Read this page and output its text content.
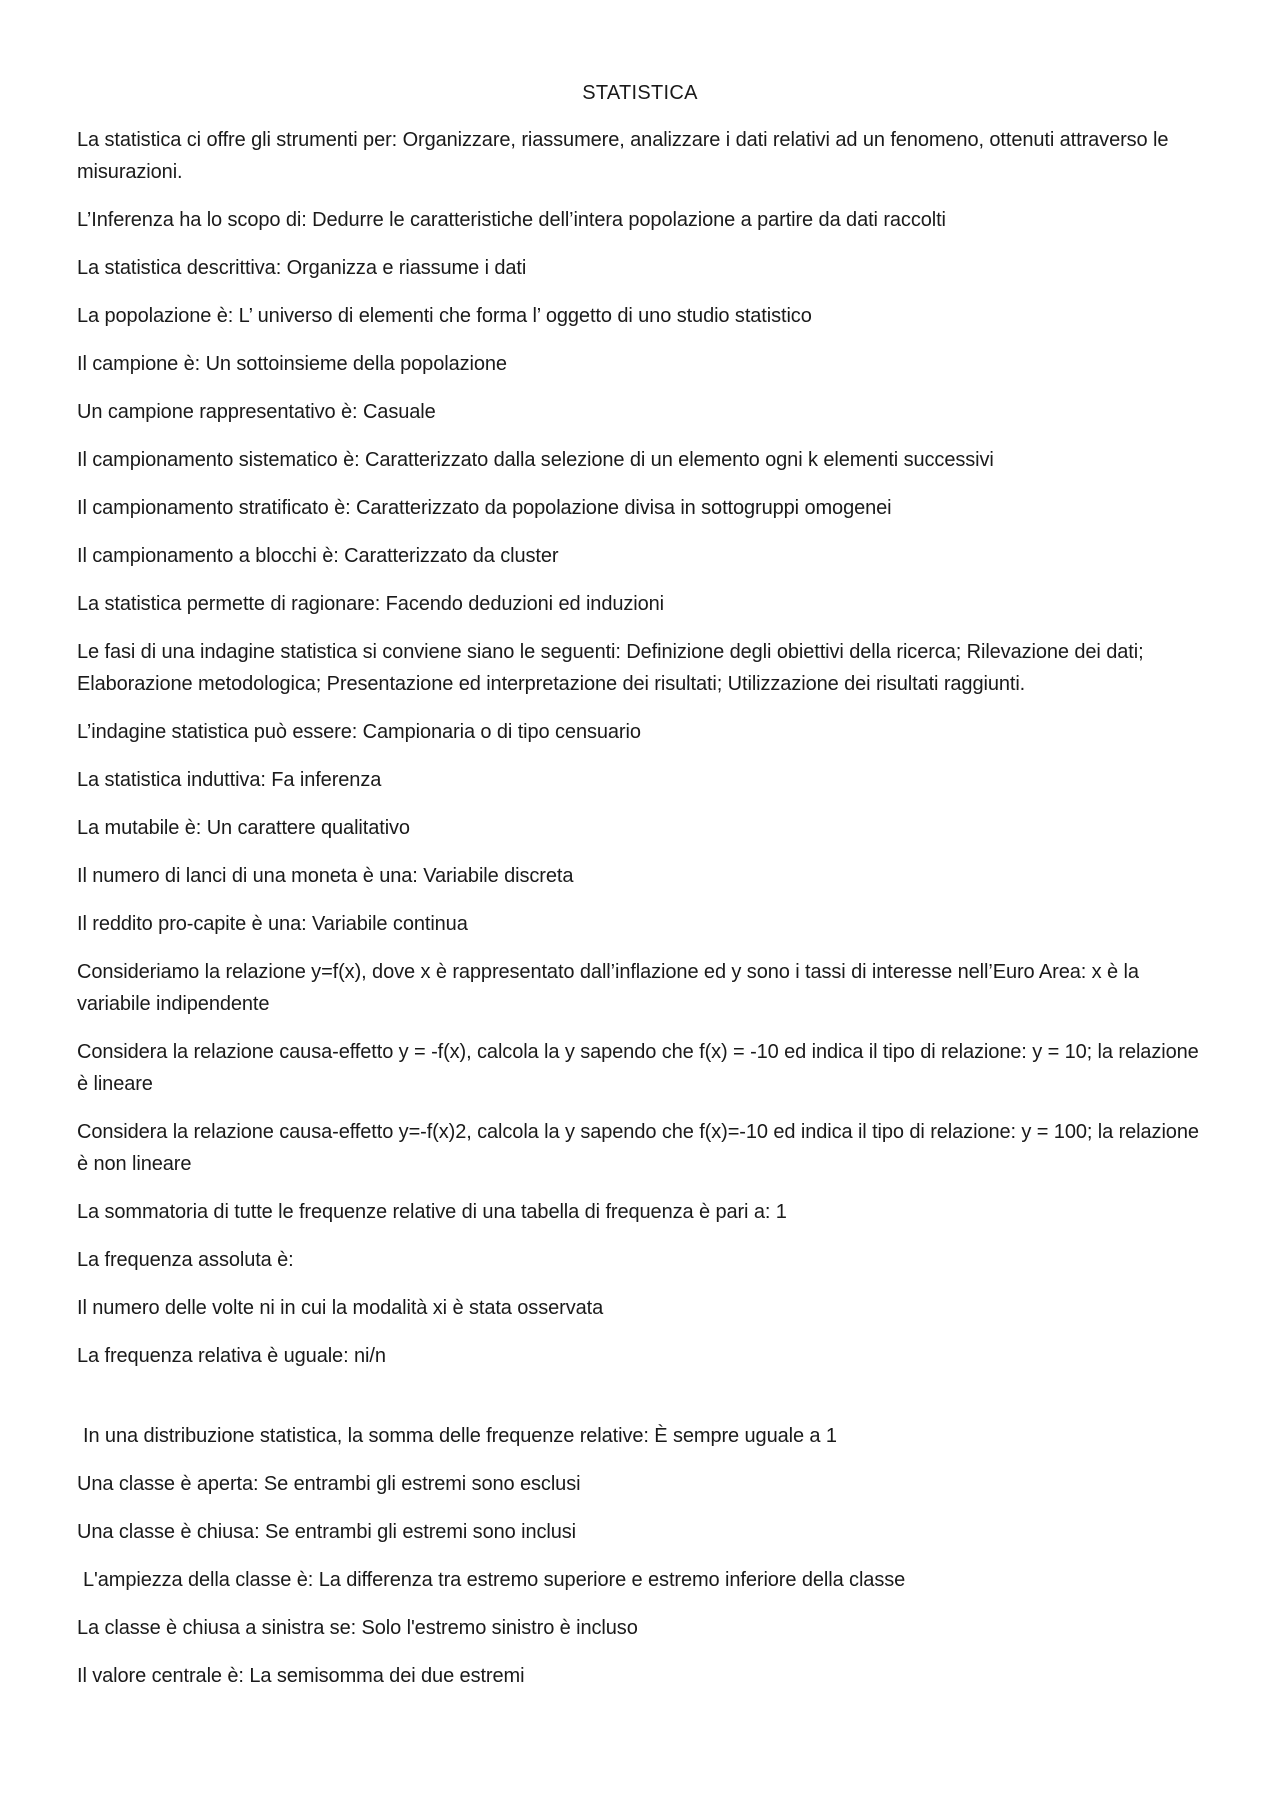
STATISTICA

La statistica ci offre gli strumenti per: Organizzare, riassumere, analizzare i dati relativi ad un fenomeno, ottenuti attraverso le misurazioni.

L’Inferenza ha lo scopo di: Dedurre le caratteristiche dell’intera popolazione a partire da dati raccolti

La statistica descrittiva: Organizza e riassume i dati

La popolazione è: L’ universo di elementi che forma l’ oggetto di uno studio statistico

Il campione è: Un sottoinsieme della popolazione

Un campione rappresentativo è: Casuale

Il campionamento sistematico è: Caratterizzato dalla selezione di un elemento ogni k elementi successivi

Il campionamento stratificato è: Caratterizzato da popolazione divisa in sottogruppi omogenei

Il campionamento a blocchi è: Caratterizzato da cluster

La statistica permette di ragionare: Facendo deduzioni ed induzioni

Le fasi di una indagine statistica si conviene siano le seguenti: Definizione degli obiettivi della ricerca; Rilevazione dei dati; Elaborazione metodologica; Presentazione ed interpretazione dei risultati; Utilizzazione dei risultati raggiunti.

L’indagine statistica può essere: Campionaria o di tipo censuario

La statistica induttiva: Fa inferenza

La mutabile è: Un carattere qualitativo

Il numero di lanci di una moneta è una: Variabile discreta

Il reddito pro-capite è una: Variabile continua

Consideriamo la relazione y=f(x), dove x è rappresentato dall’inflazione ed y sono i tassi di interesse nell’Euro Area: x è la variabile indipendente

Considera la relazione causa-effetto y = -f(x), calcola la y sapendo che f(x) = -10 ed indica il tipo di relazione: y = 10; la relazione è lineare

Considera la relazione causa-effetto y=-f(x)2, calcola la y sapendo che f(x)=-10 ed indica il tipo di relazione: y = 100; la relazione è non lineare

La sommatoria di tutte le frequenze relative di una tabella di frequenza è pari a: 1

La frequenza assoluta è:

Il numero delle volte ni in cui la modalità xi è stata osservata

La frequenza relativa è uguale: ni/n

In una distribuzione statistica, la somma delle frequenze relative: È sempre uguale a 1

Una classe è aperta: Se entrambi gli estremi sono esclusi

Una classe è chiusa: Se entrambi gli estremi sono inclusi

L'ampiezza della classe è: La differenza tra estremo superiore e estremo inferiore della classe

La classe è chiusa a sinistra se: Solo l'estremo sinistro è incluso

Il valore centrale è: La semisomma dei due estremi
